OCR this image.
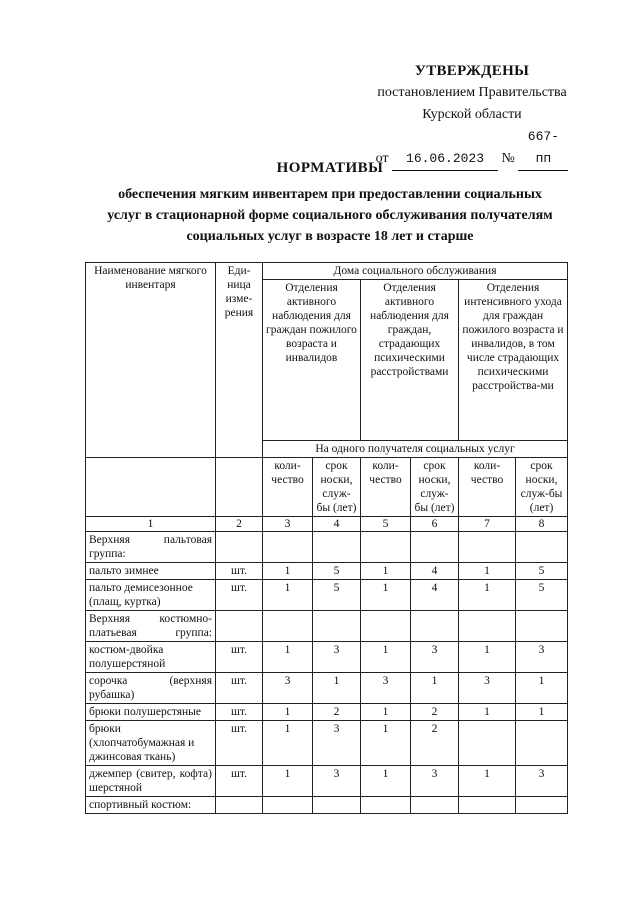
УТВЕРЖДЕНЫ
постановлением Правительства
Курской области
от 16.06.2023 № 667-пп
НОРМАТИВЫ
обеспечения мягким инвентарем при предоставлении социальных
услуг в стационарной форме социального обслуживания получателям
социальных услуг в возрасте 18 лет и старше
Наименование мягкого инвентаря	Еди-ница изме-рения	Дома социального обслуживания					
		Отделения активного наблюдения для граждан пожилого возраста и инвалидов		Отделения активного наблюдения для граждан, страдающих психическими расстройствами		Отделения интенсивного ухода для граждан пожилого возраста и инвалидов, в том числе страдающих психическими расстройства-ми	
		На одного получателя социальных услуг					
		коли-чество	срок носки, служ-бы (лет)	коли-чество	срок носки, служ-бы (лет)	коли-чество	срок носки, служ-бы (лет)
1	2	3	4	5	6	7	8
Верхняя пальтовая группа:							
пальто зимнее	шт.	1	5	1	4	1	5
пальто демисезонное (плащ, куртка)	шт.	1	5	1	4	1	5
Верхняя костюмно-платьевая группа:							
костюм-двойка полушерстяной	шт.	1	3	1	3	1	3
сорочка (верхняя рубашка)	шт.	3	1	3	1	3	1
брюки полушерстяные	шт.	1	2	1	2	1	1
брюки (хлопчатобумажная и джинсовая ткань)	шт.	1	3	1	2		
джемпер (свитер, кофта) шерстяной	шт.	1	3	1	3	1	3
спортивный костюм:							
